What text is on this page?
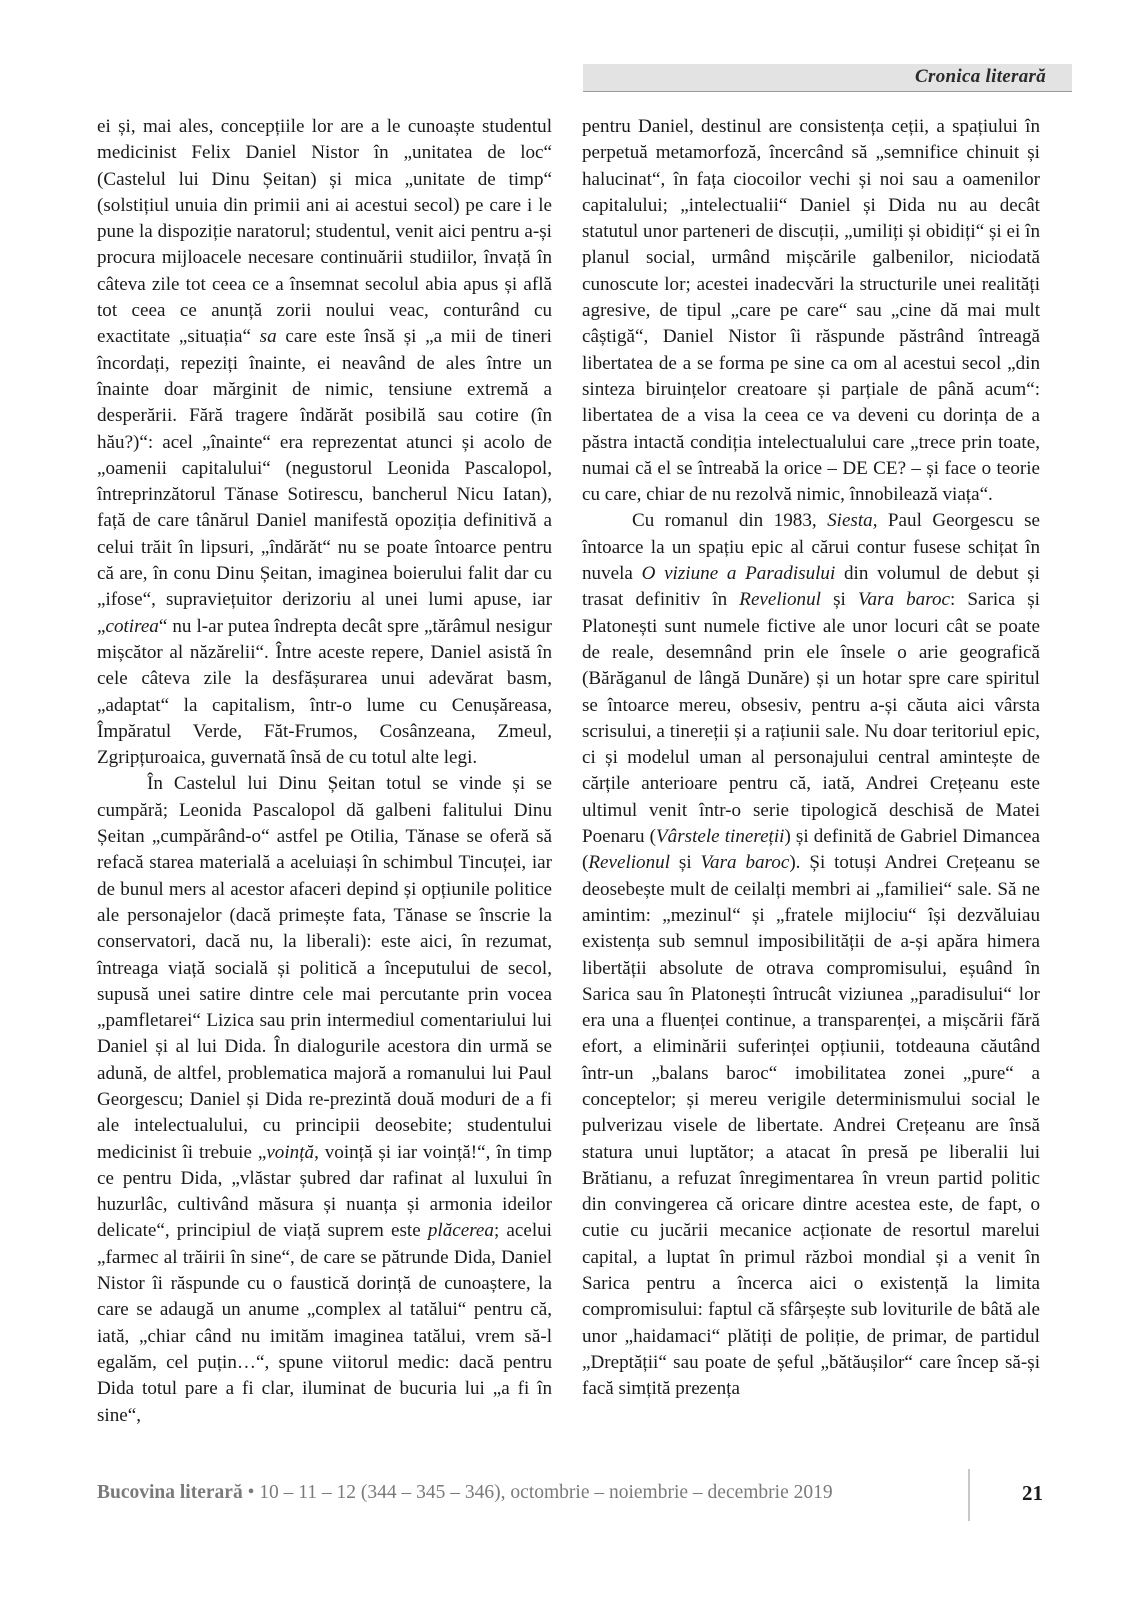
Cronica literară

ei și, mai ales, concepțiile lor are a le cunoaște studentul medicinist Felix Daniel Nistor în „unitatea de loc“ (Castelul lui Dinu Șeitan) și mica „unitate de timp“ (solstițiul unuia din primii ani ai acestui secol) pe care i le pune la dispoziție naratorul; studentul, venit aici pentru a-și procura mijloacele necesare continuării studiilor, învață în câteva zile tot ceea ce a însemnat secolul abia apus și află tot ceea ce anunță zorii noului veac, conturând cu exactitate „situația“ sa care este însă și „a mii de tineri încordați, repeziți înainte, ei neavând de ales între un înainte doar mărginit de nimic, tensiune extremă a desperării. Fără tragere îndărăt posibilă sau cotire (în hău?)“: acel „înainte“ era reprezentat atunci și acolo de „oamenii capitalului“ (negustorul Leonida Pascalopol, întreprinzătorul Tănase Sotirescu, bancherul Nicu Iatan), față de care tânărul Daniel manifestă opoziția definitivă a celui trăit în lipsuri, „îndărăt“ nu se poate întoarce pentru că are, în conu Dinu Șeitan, imaginea boierului falit dar cu „ifose“, supraviețuitor derizoriu al unei lumi apuse, iar „cotirea“ nu l-ar putea îndrepta decât spre „tărâmul nesigur mișcător al năzărelii“. Între aceste repere, Daniel asistă în cele câteva zile la desfășurarea unui adevărat basm, „adaptat“ la capitalism, într-o lume cu Cenușăreasa, Împăratul Verde, Făt-Frumos, Cosânzeana, Zmeul, Zgripțuroaica, guvernată însă de cu totul alte legi.

În Castelul lui Dinu Șeitan totul se vinde și se cumpără; Leonida Pascalopol dă galbeni falitului Dinu Șeitan „cumpărând-o“ astfel pe Otilia, Tănase se oferă să refacă starea materială a aceluiași în schimbul Tincuței, iar de bunul mers al acestor afaceri depind și opțiunile politice ale personajelor (dacă primește fata, Tănase se înscrie la conservatori, dacă nu, la liberali): este aici, în rezumat, întreaga viață socială și politică a începutului de secol, supusă unei satire dintre cele mai percutante prin vocea „pamfletarei“ Lizica sau prin intermediul comentariului lui Daniel și al lui Dida. În dialogurile acestora din urmă se adună, de altfel, problematica majoră a romanului lui Paul Georgescu; Daniel și Dida re-prezintă două moduri de a fi ale intelectualului, cu principii deosebite; studentului medicinist îi trebuie „voință, voință și iar voință!“, în timp ce pentru Dida, „vlăstar șubred dar rafinat al luxului în huzurlâc, cultivând măsura și nuanța și armonia ideilor delicate“, principiul de viață suprem este plăcerea; acelui „farmec al trăirii în sine“, de care se pătrunde Dida, Daniel Nistor îi răspunde cu o faustică dorință de cunoaștere, la care se adaugă un anume „complex al tatălui“ pentru că, iată, „chiar când nu imităm imaginea tatălui, vrem să-l egalăm, cel puțin…“, spune viitorul medic: dacă pentru Dida totul pare a fi clar, iluminat de bucuria lui „a fi în sine“,

pentru Daniel, destinul are consistența ceții, a spațiului în perpetuă metamorfoză, încercând să „semnifice chinuit și halucinat“, în fața ciocoilor vechi și noi sau a oamenilor capitalului; „intelectualii“ Daniel și Dida nu au decât statutul unor parteneri de discuții, „umiliți și obidiți“ și ei în planul social, urmând mișcările galbenilor, niciodată cunoscute lor; acestei inadecvări la structurile unei realități agresive, de tipul „care pe care“ sau „cine dă mai mult câștigă“, Daniel Nistor îi răspunde păstrând întreagă libertatea de a se forma pe sine ca om al acestui secol „din sinteza biruințelor creatoare și parțiale de până acum“: libertatea de a visa la ceea ce va deveni cu dorința de a păstra intactă condiția intelectualului care „trece prin toate, numai că el se întreabă la orice – DE CE? – și face o teorie cu care, chiar de nu rezolvă nimic, înnobilează viața“.

Cu romanul din 1983, Siesta, Paul Georgescu se întoarce la un spațiu epic al cărui contur fusese schițat în nuvela O viziune a Paradisului din volumul de debut și trasat definitiv în Revelionul și Vara baroc: Sarica și Platonești sunt numele fictive ale unor locuri cât se poate de reale, desemnând prin ele însele o arie geografică (Bărăganul de lângă Dunăre) și un hotar spre care spiritul se întoarce mereu, obsesiv, pentru a-și căuta aici vârsta scrisului, a tinereții și a rațiunii sale. Nu doar teritoriul epic, ci și modelul uman al personajului central amintește de cărțile anterioare pentru că, iată, Andrei Crețeanu este ultimul venit într-o serie tipologică deschisă de Matei Poenaru (Vârstele tinereții) și definită de Gabriel Dimancea (Revelionul și Vara baroc). Și totuși Andrei Crețeanu se deosebește mult de ceilalți membri ai „familiei“ sale. Să ne amintim: „mezinul“ și „fratele mijlociu“ își dezvăluiau existența sub semnul imposibilității de a-și apăra himera libertății absolute de otrava compromisului, eșuând în Sarica sau în Platonești întrucât viziunea „paradisului“ lor era una a fluenței continue, a transparenței, a mișcării fără efort, a eliminării suferinței opțiunii, totdeauna căutând într-un „balans baroc“ imobilitatea zonei „pure“ a conceptelor; și mereu verigile determinismului social le pulverizau visele de libertate. Andrei Crețeanu are însă statura unui luptător; a atacat în presă pe liberalii lui Brătianu, a refuzat înregimentarea în vreun partid politic din convingerea că oricare dintre acestea este, de fapt, o cutie cu jucării mecanice acționate de resortul marelui capital, a luptat în primul război mondial și a venit în Sarica pentru a încerca aici o existență la limita compromisului: faptul că sfârșește sub loviturile de bâtă ale unor „haidamaci“ plătiți de poliție, de primar, de partidul „Dreptății“ sau poate de șeful „bătăușilor“ care încep să-și facă simțită prezența

Bucovina literară • 10 – 11 – 12 (344 – 345 – 346), octombrie – noiembrie – decembrie 2019	21
